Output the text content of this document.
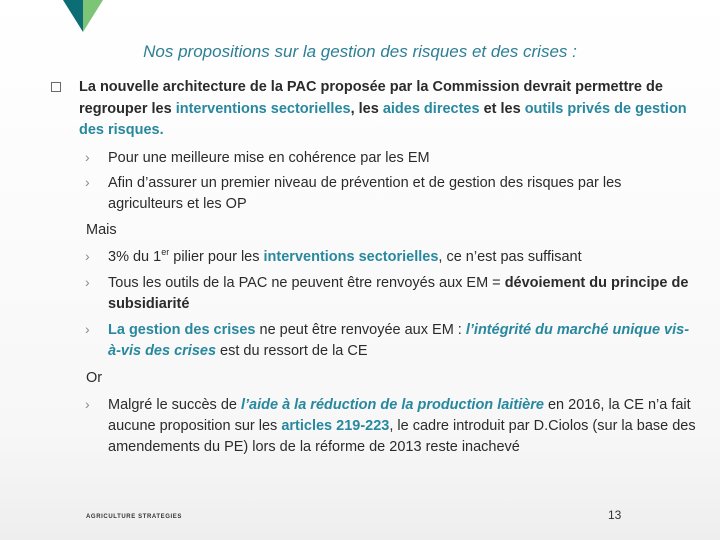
Nos propositions sur la gestion des risques et des crises :
La nouvelle architecture de la PAC proposée par la Commission devrait permettre de regrouper les interventions sectorielles, les aides directes et les outils privés de gestion des risques.
› Pour une meilleure mise en cohérence par les EM
› Afin d’assurer un premier niveau de prévention et de gestion des risques par les agriculteurs et les OP
Mais
› 3% du 1er pilier pour les interventions sectorielles, ce n’est pas suffisant
› Tous les outils de la PAC ne peuvent être renvoyés aux EM = dévoiement du principe de subsidiarité
› La gestion des crises ne peut être renvoyée aux EM : l’intégrité du marché unique vis-à-vis des crises est du ressort de la CE
Or
› Malgré le succès de l’aide à la réduction de la production laitière en 2016, la CE n’a fait aucune proposition sur les articles 219-223, le cadre introduit par D.Ciolos (sur la base des amendements du PE) lors de la réforme de 2013 reste inachevé
AGRICULTURE STRATEGIES	13
